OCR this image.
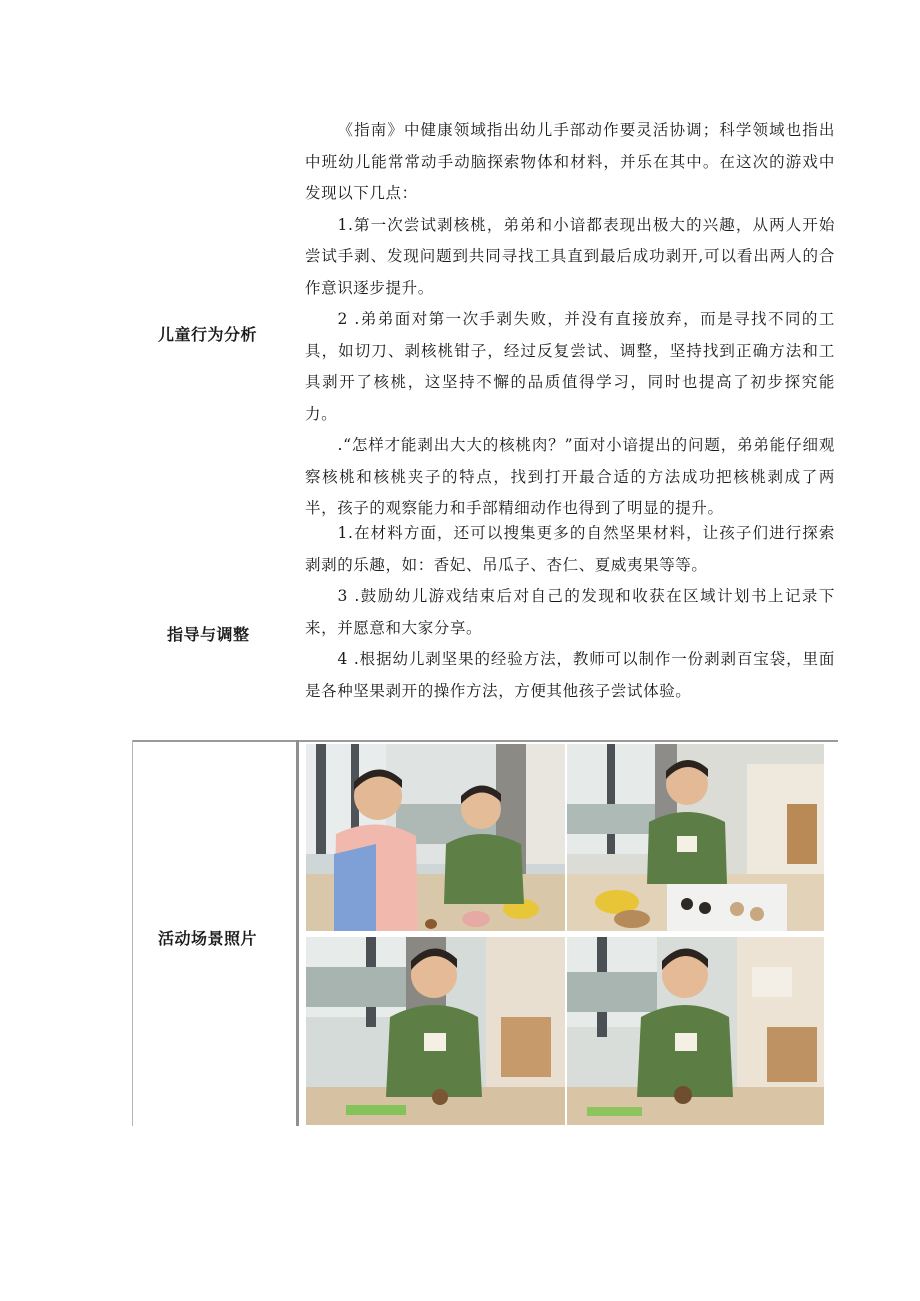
儿童行为分析

《指南》中健康领域指出幼儿手部动作要灵活协调；科学领域也指出中班幼儿能常常动手动脑探索物体和材料，并乐在其中。在这次的游戏中发现以下几点：

1.第一次尝试剥核桃，弟弟和小谙都表现出极大的兴趣，从两人开始尝试手剥、发现问题到共同寻找工具直到最后成功剥开,可以看出两人的合作意识逐步提升。

2 .弟弟面对第一次手剥失败，并没有直接放弃，而是寻找不同的工具，如切刀、剥核桃钳子，经过反复尝试、调整，坚持找到正确方法和工具剥开了核桃，这坚持不懈的品质值得学习，同时也提高了初步探究能力。

.“怎样才能剥出大大的核桃肉？”面对小谙提出的问题，弟弟能仔细观察核桃和核桃夹子的特点，找到打开最合适的方法成功把核桃剥成了两半，孩子的观察能力和手部精细动作也得到了明显的提升。

指导与调整

1.在材料方面，还可以搜集更多的自然坚果材料，让孩子们进行探索剥剥的乐趣，如：香妃、吊瓜子、杏仁、夏威夷果等等。

3 .鼓励幼儿游戏结束后对自己的发现和收获在区域计划书上记录下来，并愿意和大家分享。

4 .根据幼儿剥坚果的经验方法，教师可以制作一份剥剥百宝袋，里面是各种坚果剥开的操作方法，方便其他孩子尝试体验。

活动场景照片
